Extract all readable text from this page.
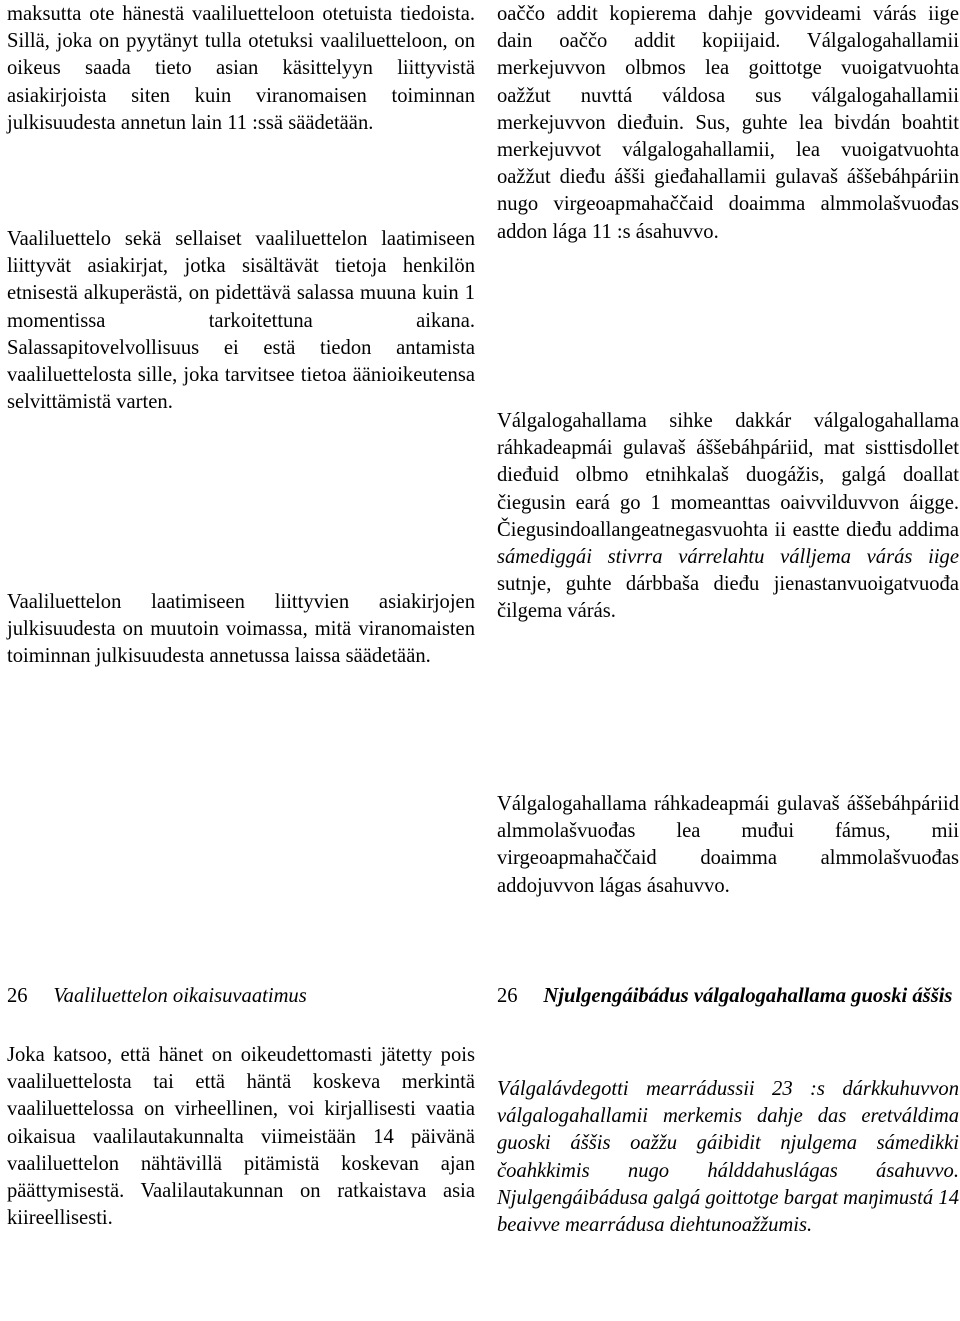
maksutta ote hänestä vaaliluetteloon otetuista tiedoista. Sillä, joka on pyytänyt tulla otetuksi vaaliluetteloon, on oikeus saada tieto asian käsittelyyn liittyvistä asiakirjoista siten kuin viranomaisen toiminnan julkisuudesta annetun lain 11 :ssä säädetään.

Vaaliluettelo sekä sellaiset vaaliluettelon laatimiseen liittyvät asiakirjat, jotka sisältävät tietoja henkilön etnisestä alkuperästä, on pidettävä salassa muuna kuin 1 momentissa tarkoitettuna aikana. Salassapitovelvollisuus ei estä tiedon antamista vaaliluettelosta sille, joka tarvitsee tietoa äänioikeutensa selvittämistä varten.

Vaaliluettelon laatimiseen liittyvien asiakirjojen julkisuudesta on muutoin voimassa, mitä viranomaisten toiminnan julkisuudesta annetussa laissa säädetään.

26 Vaaliluettelon oikaisuvaatimus

Joka katsoo, että hänet on oikeudettomasti jätetty pois vaaliluettelosta tai että häntä koskeva merkintä vaaliluettelossa on virheellinen, voi kirjallisesti vaatia oikaisua vaalilautakunnalta viimeistään 14 päivänä vaaliluettelon nähtävillä pitämistä koskevan ajan päättymisestä. Vaalilautakunnan on ratkaistava asia kiireellisesti.

oaččo addit kopierema dahje govvideami várás iige dain oaččo addit kopiijaid. Válgalogahallamii merkejuvvon olbmos lea goittotge vuoigatvuohta oažžut nuvttá váldosa sus válgalogahallamii merkejuvvon dieđuin. Sus, guhte lea bivdán boahtit merkejuvvot válgalogahallamii, lea vuoigatvuohta oažžut dieđu ášši gieđahallamii gulavaš áššebáhpáriin nugo virgeoapmahaččaid doaimma almmolašvuođas addon lága 11 :s ásahuvvo.

Válgalogahallama sihke dakkár válgalogahallama ráhkadeapmái gulavaš áššebáhpáriid, mat sisttisdollet dieđuid olbmo etnihkalaš duogážis, galgá doallat čiegusin eará go 1 momeanttas oaivvilduvvon áigge. Čiegusindoallangeatnegasvuohta ii eastte dieđu addima sámediggái stivrra várrelahtu válljema várás iige sutnje, guhte dárbbaša dieđu jienastanvuoigatvuođa čilgema várás.

Válgalogahallama ráhkadeapmái gulavaš áššebáhpáriid almmolašvuođas lea muđui fámus, mii virgeoapmahaččaid doaimma almmolašvuođas addojuvvon lágas ásahuvvo.

26 Njulgengáibádus válgalogahallama guoski áššis

Válgalávdegotti mearrádussii 23 :s dárkkuhuvvon válgalogahallamii merkemis dahje das eretváldima guoski áššis oažžu gáibidit njulgema sámedikki čoahkkimis nugo hálddahuslágas ásahuvvo. Njulgengáibádusa galgá goittotge bargat maŋimustá 14 beaivve mearrádusa diehtunoažžumis.
